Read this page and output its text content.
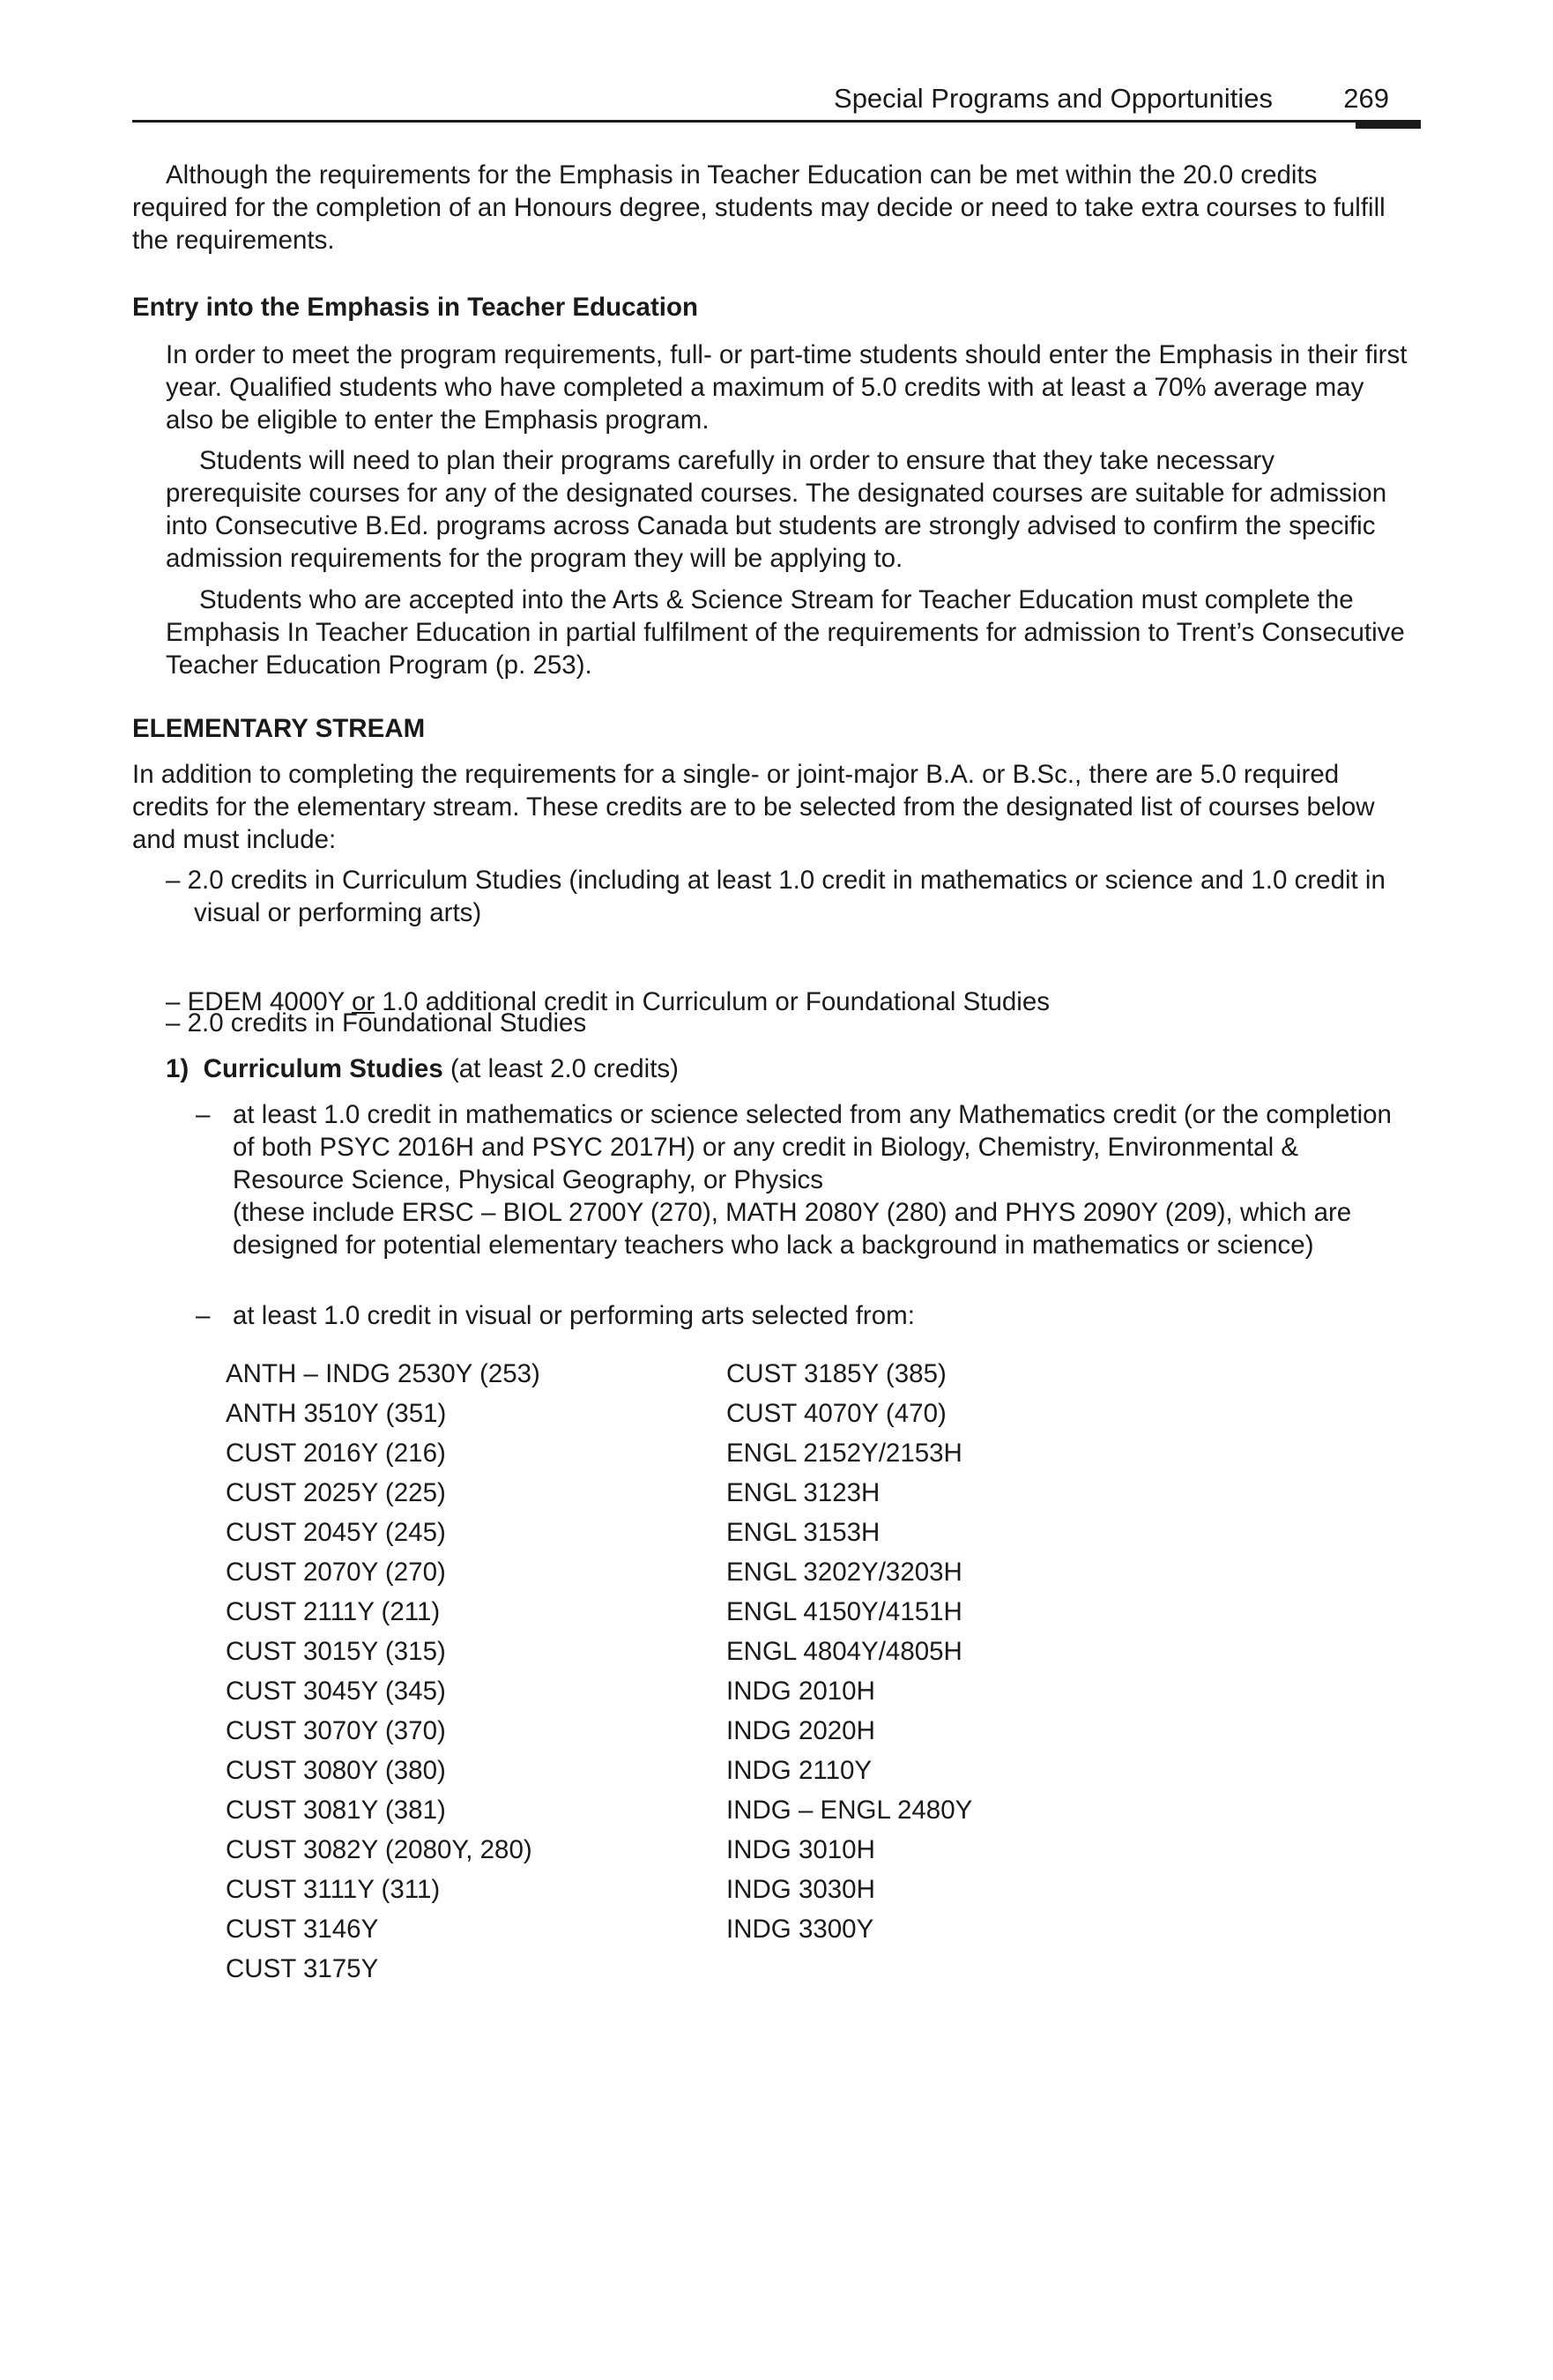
Special Programs and Opportunities	269

Although the requirements for the Emphasis in Teacher Education can be met within the 20.0 credits required for the completion of an Honours degree, students may decide or need to take extra courses to fulfill the requirements.

Entry into the Emphasis in Teacher Education

In order to meet the program requirements, full- or part-time students should enter the Emphasis in their first year. Qualified students who have completed a maximum of 5.0 credits with at least a 70% average may also be eligible to enter the Emphasis program.

Students will need to plan their programs carefully in order to ensure that they take necessary prerequisite courses for any of the designated courses. The designated courses are suitable for admission into Consecutive B.Ed. programs across Canada but students are strongly advised to confirm the specific admission requirements for the program they will be applying to.

Students who are accepted into the Arts & Science Stream for Teacher Education must complete the Emphasis In Teacher Education in partial fulfilment of the requirements for admission to Trent’s Consecutive Teacher Education Program (p. 253).

ELEMENTARY STREAM

In addition to completing the requirements for a single- or joint-major B.A. or B.Sc., there are 5.0 required credits for the elementary stream. These credits are to be selected from the designated list of courses below and must include:

– 2.0 credits in Curriculum Studies (including at least 1.0 credit in mathematics or science and 1.0 credit in visual or performing arts)

– 2.0 credits in Foundational Studies

– EDEM 4000Y or 1.0 additional credit in Curriculum or Foundational Studies

1) Curriculum Studies (at least 2.0 credits)

– at least 1.0 credit in mathematics or science selected from any Mathematics credit (or the completion of both PSYC 2016H and PSYC 2017H) or any credit in Biology, Chemistry, Environmental & Resource Science, Physical Geography, or Physics

(these include ERSC – BIOL 2700Y (270), MATH 2080Y (280) and PHYS 2090Y (209), which are designed for potential elementary teachers who lack a background in mathematics or science)

– at least 1.0 credit in visual or performing arts selected from:

ANTH – INDG 2530Y (253)
ANTH 3510Y (351)
CUST 2016Y (216)
CUST 2025Y (225)
CUST 2045Y (245)
CUST 2070Y (270)
CUST 2111Y (211)
CUST 3015Y (315)
CUST 3045Y (345)
CUST 3070Y (370)
CUST 3080Y (380)
CUST 3081Y (381)
CUST 3082Y (2080Y, 280)
CUST 3111Y (311)
CUST 3146Y
CUST 3175Y
CUST 3185Y (385)
CUST 4070Y (470)
ENGL 2152Y/2153H
ENGL 3123H
ENGL 3153H
ENGL 3202Y/3203H
ENGL 4150Y/4151H
ENGL 4804Y/4805H
INDG 2010H
INDG 2020H
INDG 2110Y
INDG – ENGL 2480Y
INDG 3010H
INDG 3030H
INDG 3300Y
